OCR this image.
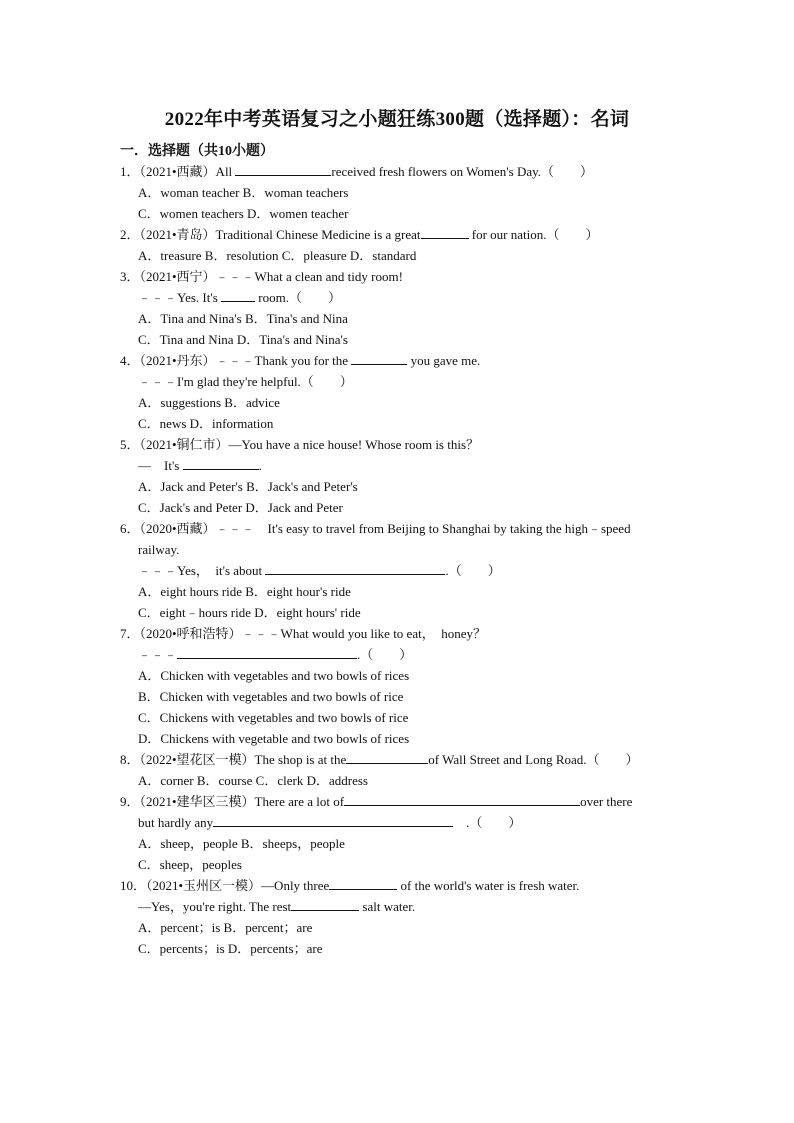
2022年中考英语复习之小题狂练300题（选择题）：名词
一．选择题（共10小题）
1．（2021•西藏）All	received fresh flowers on Women's Day.（　　）
A．woman teacher B．woman teachers
C．women teachers D．women teacher
2．（2021•青岛）Traditional Chinese Medicine is a great	for our nation.（　　）
A．treasure B．resolution C．pleasure D．standard
3．（2021•西宁）﹣﹣﹣What a clean and tidy room!
﹣﹣﹣Yes. It's	room.（　　）
A．Tina and Nina's B．Tina's and Nina
C．Tina and Nina D．Tina's and Nina's
4．（2021•丹东）﹣﹣﹣Thank you for the	you gave me.
﹣﹣﹣I'm glad they're helpful.（　　）
A．suggestions B．advice
C．news D．information
5．（2021•铜仁市）—You have a nice house! Whose room is this？
—　It's	.
A．Jack and Peter's B．Jack's and Peter's
C．Jack's and Peter D．Jack and Peter
6．（2020•西藏）﹣﹣﹣　It's easy to travel from Beijing to Shanghai by taking the high﹣speed
railway.
﹣﹣﹣Yes，　it's about	.（　　）
A．eight hours ride B．eight hour's ride
C．eight﹣hours ride D．eight hours' ride
7．（2020•呼和浩特）﹣﹣﹣What would you like to eat，　honey？
﹣﹣﹣	.（　　）
A．Chicken with vegetables and two bowls of rices
B．Chicken with vegetables and two bowls of rice
C．Chickens with vegetables and two bowls of rice
D．Chickens with vegetable and two bowls of rices
8．（2022•望花区一模）The shop is at the	of Wall Street and Long Road.（　　）
A．corner B．course C．clerk D．address
9．（2021•建华区三模）There are a lot of	over there
but hardly any	　.（　　）
A．sheep，people B．sheeps，people
C．sheep，peoples
10．（2021•玉州区一模）—Only three	of the world's water is fresh water.
—Yes，you're right. The rest	salt water.
A．percent；is B．percent；are
C．percents；is D．percents；are
